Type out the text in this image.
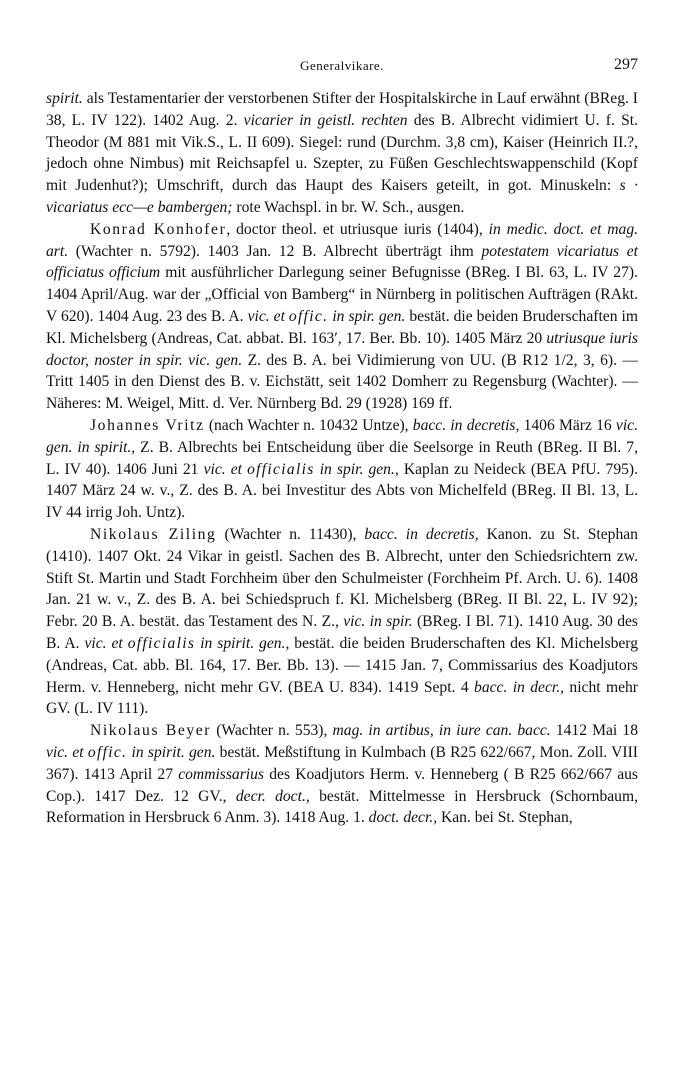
Generalvikare.	297

spirit. als Testamentarier der verstorbenen Stifter der Hospitalskirche in Lauf erwähnt (BReg. I 38, L. IV 122). 1402 Aug. 2. vicarier in geistl. rechten des B. Albrecht vidimiert U. f. St. Theodor (M 881 mit Vik.S., L. II 609). Siegel: rund (Durchm. 3,8 cm), Kaiser (Heinrich II.?, jedoch ohne Nimbus) mit Reichsapfel u. Szepter, zu Füßen Geschlechtswappenschild (Kopf mit Judenhut?); Umschrift, durch das Haupt des Kaisers geteilt, in got. Minuskeln: s · vicariatus ecc—e bambergen; rote Wachspl. in br. W. Sch., ausgen.

Konrad Konhofer, doctor theol. et utriusque iuris (1404), in medic. doct. et mag. art. (Wachter n. 5792). 1403 Jan. 12 B. Albrecht überträgt ihm potestatem vicariatus et officiatus officium mit ausführlicher Darlegung seiner Befugnisse (BReg. I Bl. 63, L. IV 27). 1404 April/Aug. war der „Official von Bamberg“ in Nürnberg in politischen Aufträgen (RAkt. V 620). 1404 Aug. 23 des B. A. vic. et offic. in spir. gen. bestät. die beiden Bruderschaften im Kl. Michelsberg (Andreas, Cat. abbat. Bl. 163′, 17. Ber. Bb. 10). 1405 März 20 utriusque iuris doctor, noster in spir. vic. gen. Z. des B. A. bei Vidimierung von UU. (B R12 1/2, 3, 6). — Tritt 1405 in den Dienst des B. v. Eichstätt, seit 1402 Domherr zu Regensburg (Wachter). — Näheres: M. Weigel, Mitt. d. Ver. Nürnberg Bd. 29 (1928) 169 ff.

Johannes Vritz (nach Wachter n. 10432 Untze), bacc. in decretis, 1406 März 16 vic. gen. in spirit., Z. B. Albrechts bei Entscheidung über die Seelsorge in Reuth (BReg. II Bl. 7, L. IV 40). 1406 Juni 21 vic. et officialis in spir. gen., Kaplan zu Neideck (BEA PfU. 795). 1407 März 24 w. v., Z. des B. A. bei Investitur des Abts von Michelfeld (BReg. II Bl. 13, L. IV 44 irrig Joh. Untz).

Nikolaus Ziling (Wachter n. 11430), bacc. in decretis, Kanon. zu St. Stephan (1410). 1407 Okt. 24 Vikar in geistl. Sachen des B. Albrecht, unter den Schiedsrichtern zw. Stift St. Martin und Stadt Forchheim über den Schulmeister (Forchheim Pf. Arch. U. 6). 1408 Jan. 21 w. v., Z. des B. A. bei Schiedspruch f. Kl. Michelsberg (BReg. II Bl. 22, L. IV 92); Febr. 20 B. A. bestät. das Testament des N. Z., vic. in spir. (BReg. I Bl. 71). 1410 Aug. 30 des B. A. vic. et officialis in spirit. gen., bestät. die beiden Bruderschaften des Kl. Michelsberg (Andreas, Cat. abb. Bl. 164, 17. Ber. Bb. 13). — 1415 Jan. 7, Commissarius des Koadjutors Herm. v. Henneberg, nicht mehr GV. (BEA U. 834). 1419 Sept. 4 bacc. in decr., nicht mehr GV. (L. IV 111).

Nikolaus Beyer (Wachter n. 553), mag. in artibus, in iure can. bacc. 1412 Mai 18 vic. et offic. in spirit. gen. bestät. Meßstiftung in Kulmbach (B R25 622/667, Mon. Zoll. VIII 367). 1413 April 27 commissarius des Koadjutors Herm. v. Henneberg ( B R25 662/667 aus Cop.). 1417 Dez. 12 GV., decr. doct., bestät. Mittelmesse in Hersbruck (Schornbaum, Reformation in Hersbruck 6 Anm. 3). 1418 Aug. 1. doct. decr., Kan. bei St. Stephan,
